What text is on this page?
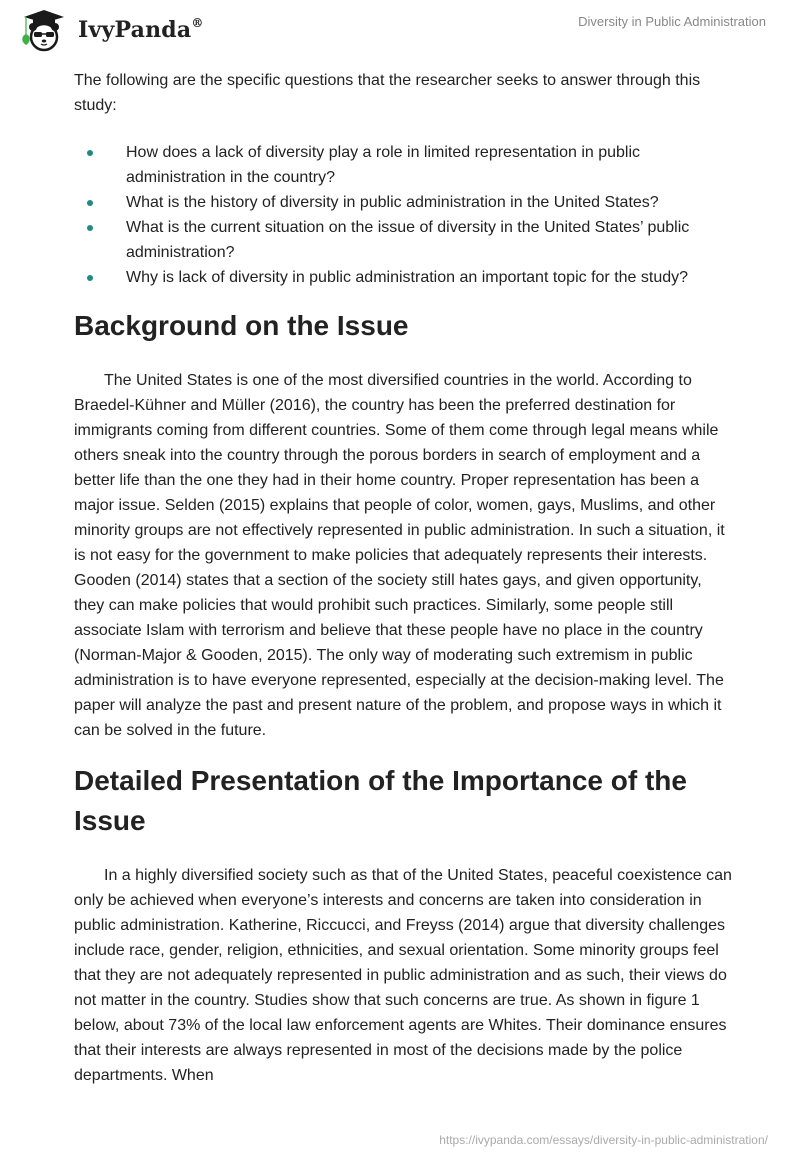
IvyPanda®	Diversity in Public Administration

The following are the specific questions that the researcher seeks to answer through this study:

How does a lack of diversity play a role in limited representation in public administration in the country?
What is the history of diversity in public administration in the United States?
What is the current situation on the issue of diversity in the United States’ public administration?
Why is lack of diversity in public administration an important topic for the study?
Background on the Issue

The United States is one of the most diversified countries in the world. According to Braedel-Kühner and Müller (2016), the country has been the preferred destination for immigrants coming from different countries. Some of them come through legal means while others sneak into the country through the porous borders in search of employment and a better life than the one they had in their home country. Proper representation has been a major issue. Selden (2015) explains that people of color, women, gays, Muslims, and other minority groups are not effectively represented in public administration. In such a situation, it is not easy for the government to make policies that adequately represents their interests. Gooden (2014) states that a section of the society still hates gays, and given opportunity, they can make policies that would prohibit such practices. Similarly, some people still associate Islam with terrorism and believe that these people have no place in the country (Norman-Major & Gooden, 2015). The only way of moderating such extremism in public administration is to have everyone represented, especially at the decision-making level. The paper will analyze the past and present nature of the problem, and propose ways in which it can be solved in the future.

Detailed Presentation of the Importance of the Issue

In a highly diversified society such as that of the United States, peaceful coexistence can only be achieved when everyone’s interests and concerns are taken into consideration in public administration. Katherine, Riccucci, and Freyss (2014) argue that diversity challenges include race, gender, religion, ethnicities, and sexual orientation. Some minority groups feel that they are not adequately represented in public administration and as such, their views do not matter in the country. Studies show that such concerns are true. As shown in figure 1 below, about 73% of the local law enforcement agents are Whites. Their dominance ensures that their interests are always represented in most of the decisions made by the police departments. When

https://ivypanda.com/essays/diversity-in-public-administration/
